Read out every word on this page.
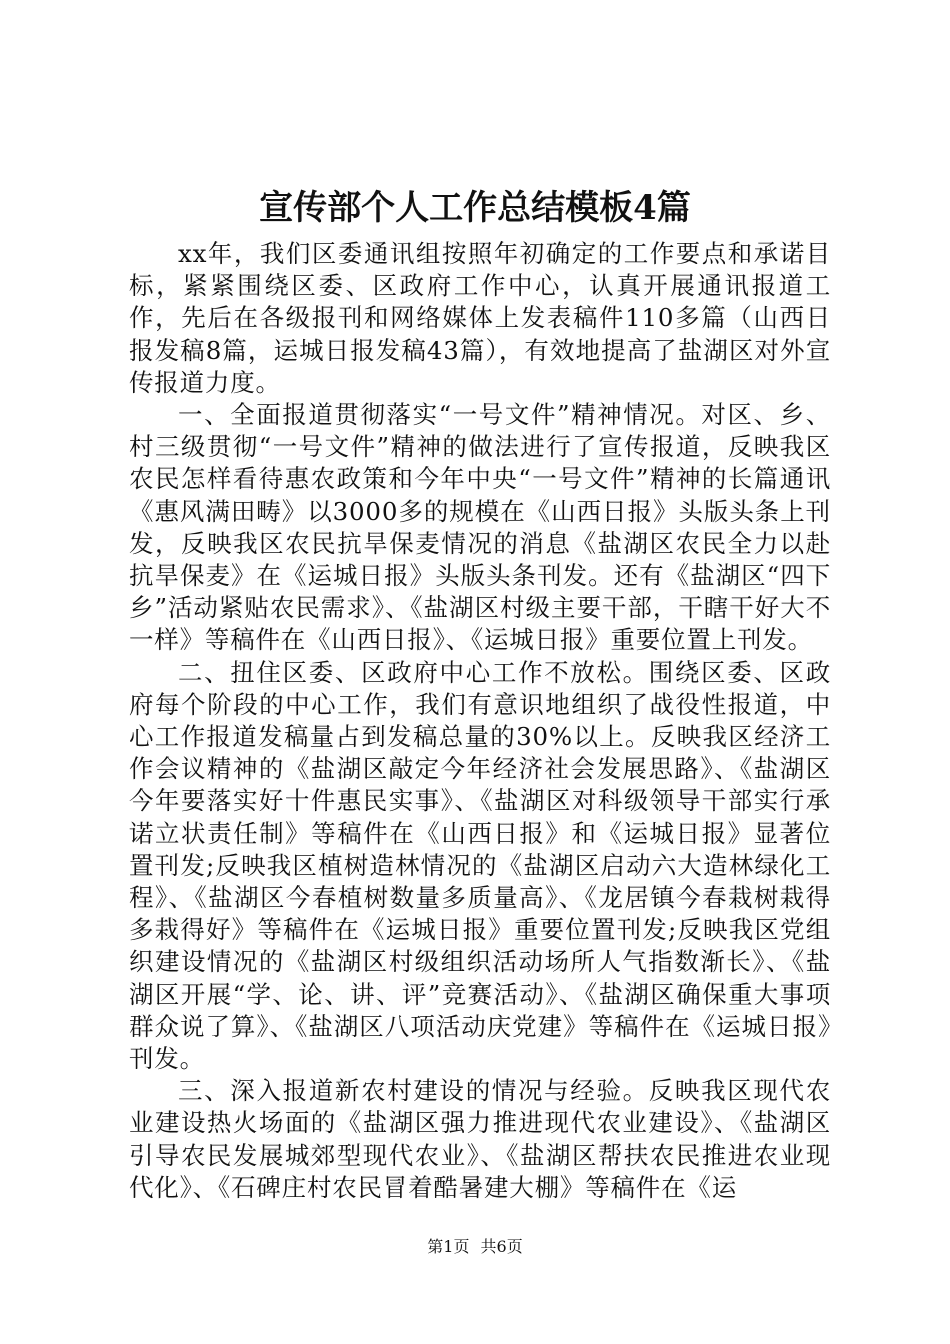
宣传部个人工作总结模板4篇

xx年，我们区委通讯组按照年初确定的工作要点和承诺目标，紧紧围绕区委、区政府工作中心，认真开展通讯报道工作，先后在各级报刊和网络媒体上发表稿件110多篇（山西日报发稿8篇，运城日报发稿43篇），有效地提高了盐湖区对外宣传报道力度。

一、全面报道贯彻落实“一号文件”精神情况。对区、乡、村三级贯彻“一号文件”精神的做法进行了宣传报道，反映我区农民怎样看待惠农政策和今年中央“一号文件”精神的长篇通讯《惠风满田畴》以3000多的规模在《山西日报》头版头条上刊发，反映我区农民抗旱保麦情况的消息《盐湖区农民全力以赴抗旱保麦》在《运城日报》头版头条刊发。还有《盐湖区“四下乡”活动紧贴农民需求》、《盐湖区村级主要干部，干瞎干好大不一样》等稿件在《山西日报》、《运城日报》重要位置上刊发。

二、扭住区委、区政府中心工作不放松。围绕区委、区政府每个阶段的中心工作，我们有意识地组织了战役性报道，中心工作报道发稿量占到发稿总量的30%以上。反映我区经济工作会议精神的《盐湖区敲定今年经济社会发展思路》、《盐湖区今年要落实好十件惠民实事》、《盐湖区对科级领导干部实行承诺立状责任制》等稿件在《山西日报》和《运城日报》显著位置刊发;反映我区植树造林情况的《盐湖区启动六大造林绿化工程》、《盐湖区今春植树数量多质量高》、《龙居镇今春栽树栽得多栽得好》等稿件在《运城日报》重要位置刊发;反映我区党组织建设情况的《盐湖区村级组织活动场所人气指数渐长》、《盐湖区开展“学、论、讲、评”竞赛活动》、《盐湖区确保重大事项群众说了算》、《盐湖区八项活动庆党建》等稿件在《运城日报》刊发。

三、深入报道新农村建设的情况与经验。反映我区现代农业建设热火场面的《盐湖区强力推进现代农业建设》、《盐湖区引导农民发展城郊型现代农业》、《盐湖区帮扶农民推进农业现代化》、《石碑庄村农民冒着酷暑建大棚》等稿件在《运

第1页 共6页
